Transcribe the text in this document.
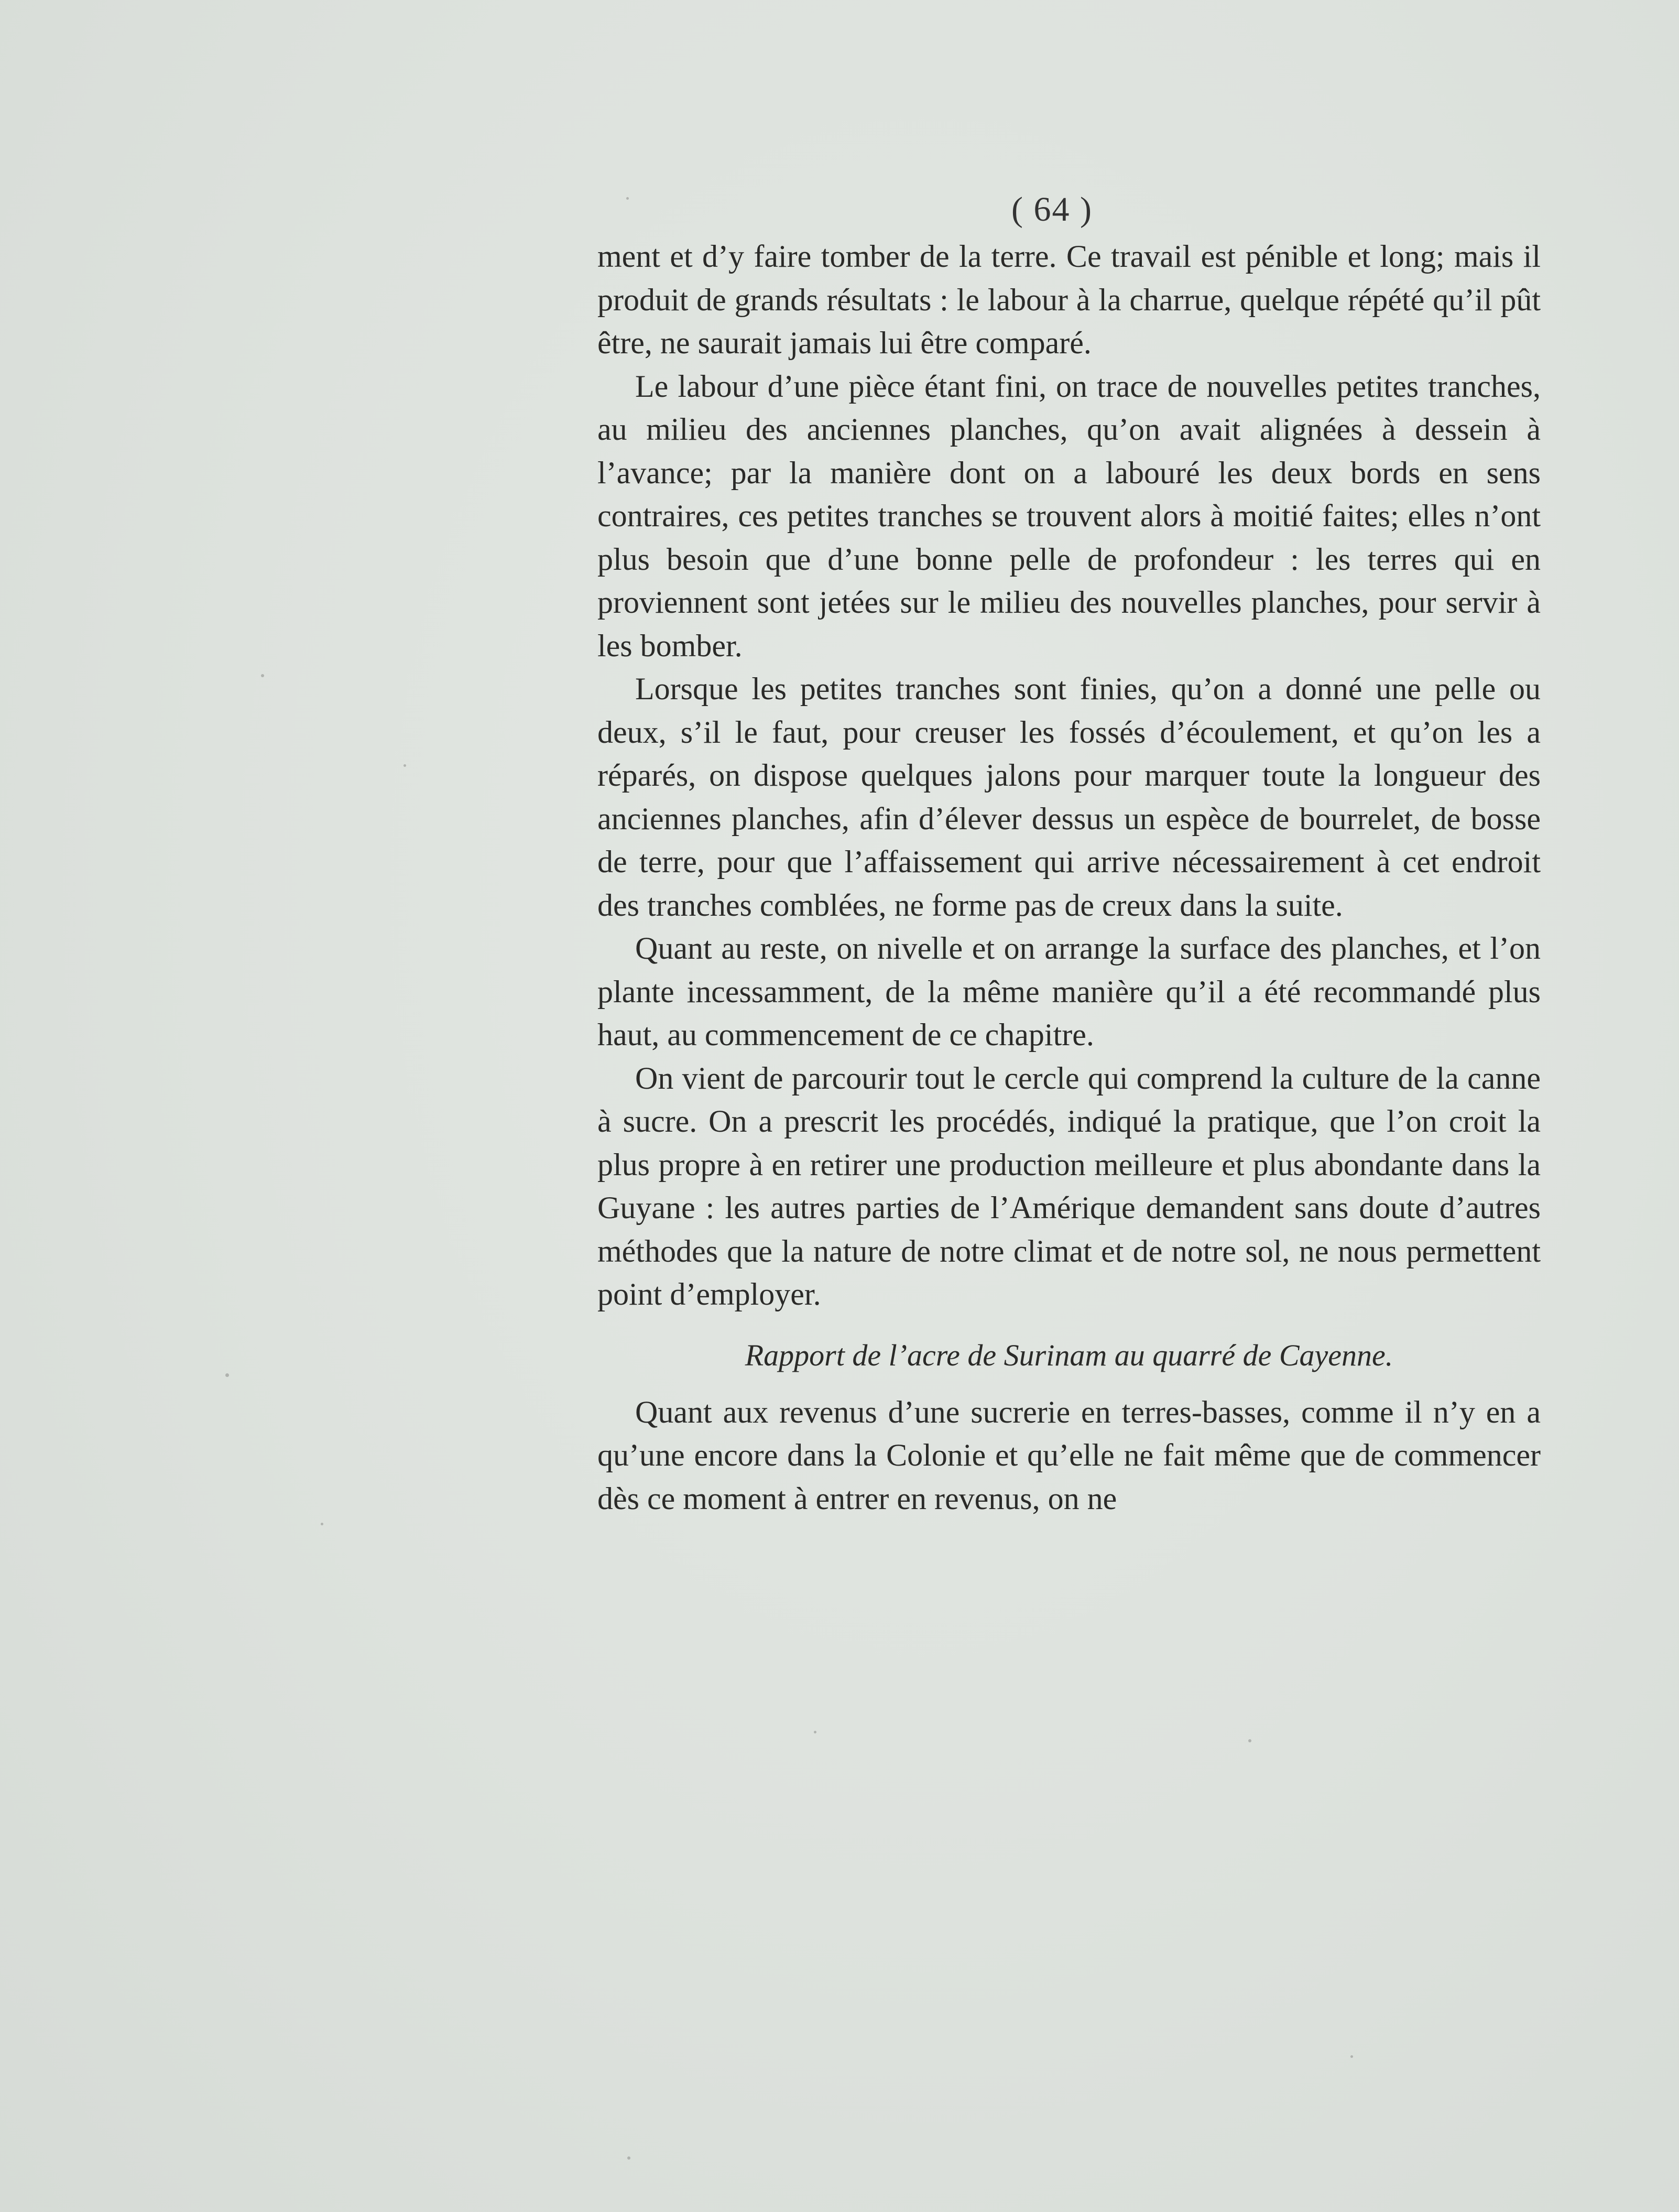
( 64 )

ment et d’y faire tomber de la terre. Ce travail est pénible et long; mais il produit de grands résultats : le labour à la charrue, quelque répété qu’il pût être, ne saurait jamais lui être comparé.

Le labour d’une pièce étant fini, on trace de nouvelles petites tranches, au milieu des anciennes planches, qu’on avait alignées à dessein à l’avance; par la manière dont on a labouré les deux bords en sens contraires, ces petites tranches se trouvent alors à moitié faites; elles n’ont plus besoin que d’une bonne pelle de profondeur : les terres qui en proviennent sont jetées sur le milieu des nouvelles planches, pour servir à les bomber.

Lorsque les petites tranches sont finies, qu’on a donné une pelle ou deux, s’il le faut, pour creuser les fossés d’écoulement, et qu’on les a réparés, on dispose quelques jalons pour marquer toute la longueur des anciennes planches, afin d’élever dessus un espèce de bourrelet, de bosse de terre, pour que l’affaissement qui arrive nécessairement à cet endroit des tranches comblées, ne forme pas de creux dans la suite.

Quant au reste, on nivelle et on arrange la surface des planches, et l’on plante incessamment, de la même manière qu’il a été recommandé plus haut, au commencement de ce chapitre.

On vient de parcourir tout le cercle qui comprend la culture de la canne à sucre. On a prescrit les procédés, indiqué la pratique, que l’on croit la plus propre à en retirer une production meilleure et plus abondante dans la Guyane : les autres parties de l’Amérique demandent sans doute d’autres méthodes que la nature de notre climat et de notre sol, ne nous permettent point d’employer.

Rapport de l’acre de Surinam au quarré de Cayenne.

Quant aux revenus d’une sucrerie en terres-basses, comme il n’y en a qu’une encore dans la Colonie et qu’elle ne fait même que de commencer dès ce moment à entrer en revenus, on ne
